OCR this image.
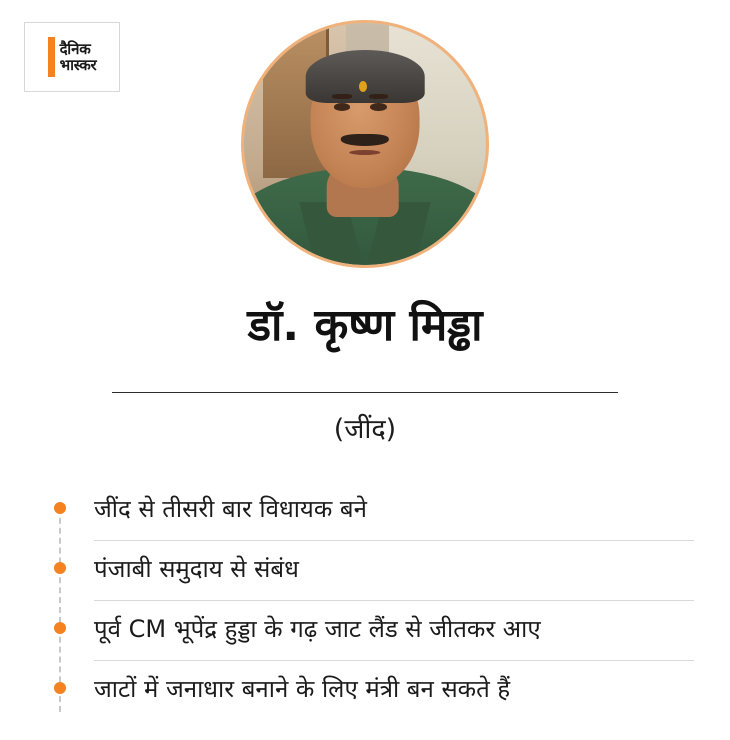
दैनिक
भास्कर
डॉ. कृष्ण मिड्ढा
(जींद)
जींद से तीसरी बार विधायक बने
पंजाबी समुदाय से संबंध
पूर्व CM भूपेंद्र हुड्डा के गढ़ जाट लैंड से जीतकर आए
जाटों में जनाधार बनाने के लिए मंत्री बन सकते हैं
